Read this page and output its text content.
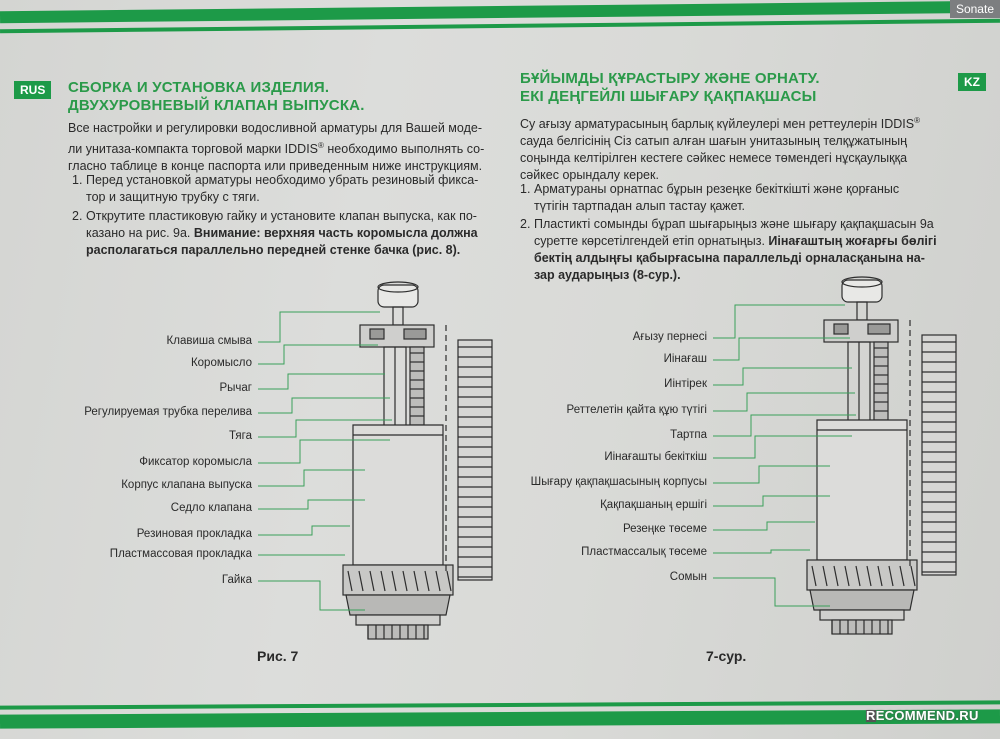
Sonate
RUS	СБОРКА И УСТАНОВКА ИЗДЕЛИЯ.
ДВУХУРОВНЕВЫЙ КЛАПАН ВЫПУСКА.

Все настройки и регулировки водосливной арматуры для Вашей моде-
ли унитаза-компакта торговой марки IDDIS® необходимо выполнять со-
гласно таблице в конце паспорта или приведенным ниже инструкциям.

1. Перед установкой арматуры необходимо убрать резиновый фикса-
тор и защитную трубку с тяги.
2. Открутите пластиковую гайку и установите клапан выпуска, как по-
казано на рис. 9а. Внимание: верхняя часть коромысла должна
располагаться параллельно передней стенке бачка (рис. 8).
KZ
БҰЙЫМДЫ ҚҰРАСТЫРУ ЖӘНЕ ОРНАТУ.
ЕКІ ДЕҢГЕЙЛІ ШЫҒАРУ ҚАҚПАҚШАСЫ

Су ағызу арматурасының барлық күйлеулері мен реттеулерін IDDIS®
сауда белгісінің Сіз сатып алған шағын унитазының телқұжатының
соңында келтірілген кестеге сәйкес немесе төмендегі нұсқаулыққа
сәйкес орындалу керек.

1. Арматураны орнатпас бұрын резеңке бекіткішті және қорғаныс
түтігін тартпадан алып тастау қажет.
2. Пластикті сомынды бұрап шығарыңыз және шығару қақпақшасын 9а
суретте көрсетілгендей етіп орнатыңыз. Иінағаштың жоғарғы бөлігі
бектің алдыңғы қабырғасына параллельді орналасқанына на-
зар аударыңыз (8-сур.).
Клавиша смыва
Коромысло
Рычаг
Регулируемая трубка перелива
Тяга
Фиксатор коромысла
Корпус клапана выпуска
Седло клапана
Резиновая прокладка
Пластмассовая прокладка
Гайка
Рис. 7
Ағызу пернесі
Иінағаш
Иінтірек
Реттелетін қайта құю түтігі
Тартпа
Иінағашты бекіткіш
Шығару қақпақшасының корпусы
Қақпақшаның ершігі
Резеңке төсеме
Пластмассалық төсеме
Сомын
7-сур.
RECOMMEND.RU
